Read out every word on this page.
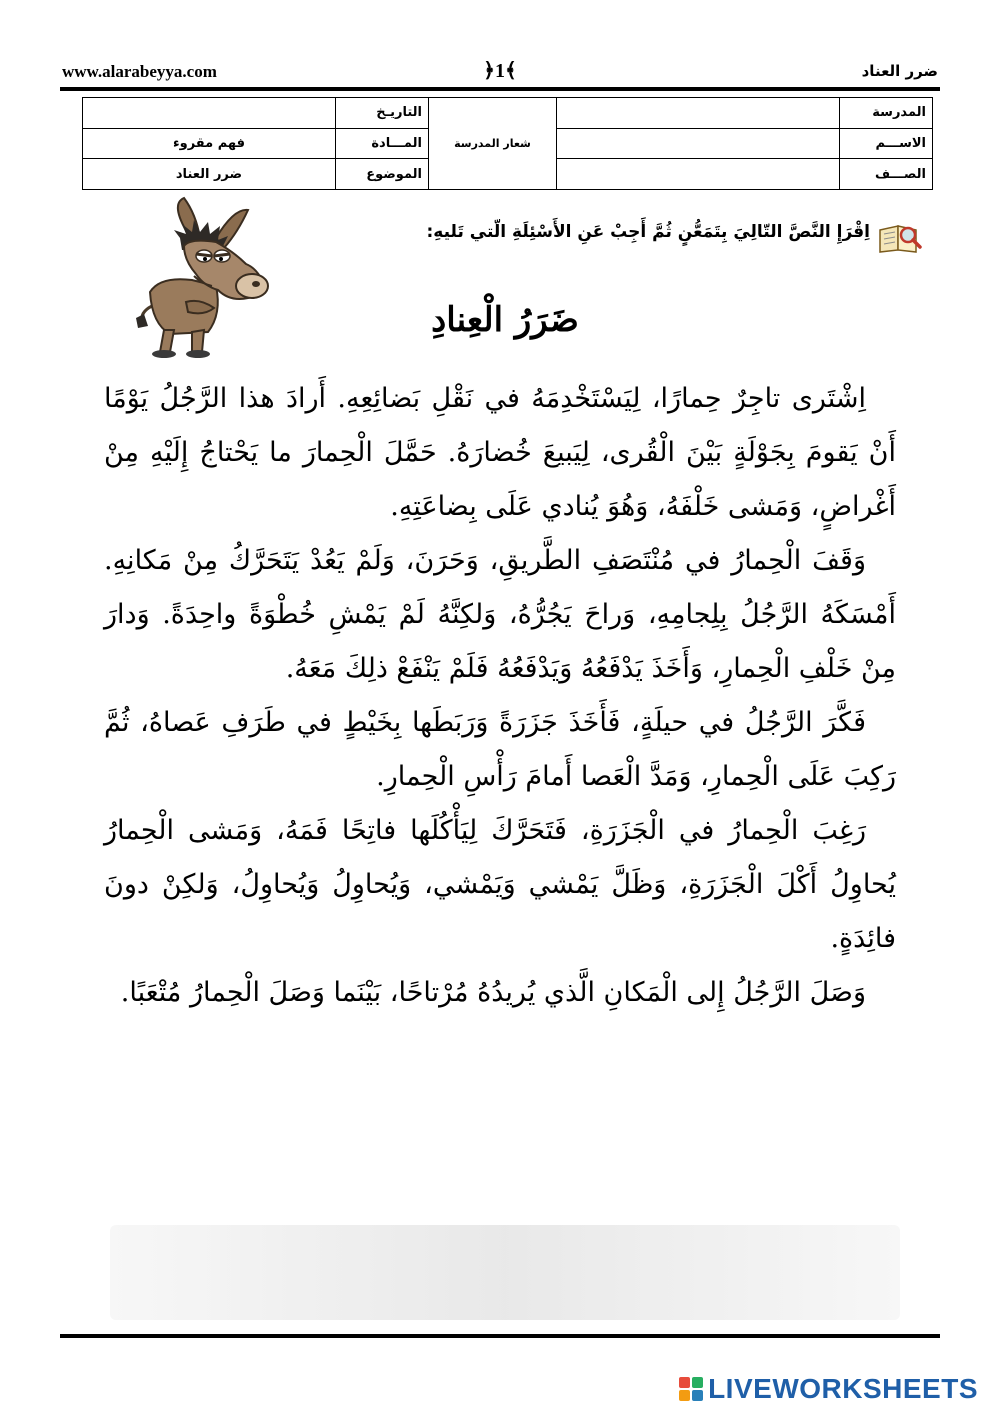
www.alarabeyya.com	﴿1﴾	ضرر العناد
المدرسة		شعار المدرسة	التاريـخ	
الاســـم			المـــادة	فهم مقروء
الصـــف			الموضوع	ضرر العناد
اِقْرَإِ النَّصَّ التّالِيَ بِتَمَعُّنٍ ثُمَّ أَجِبْ عَنِ الأَسْئِلَةِ الّتي تَليهِ:
ضَرَرُ الْعِنادِ

اِشْتَرى تاجِرٌ حِمارًا، لِيَسْتَخْدِمَهُ في نَقْلِ بَضائِعِهِ. أَرادَ هذا الرَّجُلُ يَوْمًا أَنْ يَقومَ بِجَوْلَةٍ بَيْنَ الْقُرى، لِيَبيعَ خُضارَهُ. حَمَّلَ الْحِمارَ ما يَحْتاجُ إِلَيْهِ مِنْ أَغْراضٍ، وَمَشى خَلْفَهُ، وَهُوَ يُنادي عَلَى بِضاعَتِهِ.

وَقَفَ الْحِمارُ في مُنْتَصَفِ الطَّريقِ، وَحَرَنَ، وَلَمْ يَعُدْ يَتَحَرَّكُ مِنْ مَكانِهِ. أَمْسَكَهُ الرَّجُلُ بِلِجامِهِ، وَراحَ يَجُرُّهُ، وَلكِنَّهُ لَمْ يَمْشِ خُطْوَةً واحِدَةً. وَدارَ مِنْ خَلْفِ الْحِمارِ، وَأَخَذَ يَدْفَعُهُ وَيَدْفَعُهُ فَلَمْ يَنْفَعْ ذلِكَ مَعَهُ.

فَكَّرَ الرَّجُلُ في حيلَةٍ، فَأَخَذَ جَزَرَةً وَرَبَطَها بِخَيْطٍ في طَرَفِ عَصاهُ، ثُمَّ رَكِبَ عَلَى الْحِمارِ، وَمَدَّ الْعَصا أَمامَ رَأْسِ الْحِمارِ.

رَغِبَ الْحِمارُ في الْجَزَرَةِ، فَتَحَرَّكَ لِيَأْكُلَها فاتِحًا فَمَهُ، وَمَشى الْحِمارُ يُحاوِلُ أَكْلَ الْجَزَرَةِ، وَظَلَّ يَمْشي وَيَمْشي، وَيُحاوِلُ وَيُحاوِلُ، وَلكِنْ دونَ فائِدَةٍ.

وَصَلَ الرَّجُلُ إِلى الْمَكانِ الَّذي يُريدُهُ مُرْتاحًا، بَيْنَما وَصَلَ الْحِمارُ مُتْعَبًا.

LIVEWORKSHEETS
